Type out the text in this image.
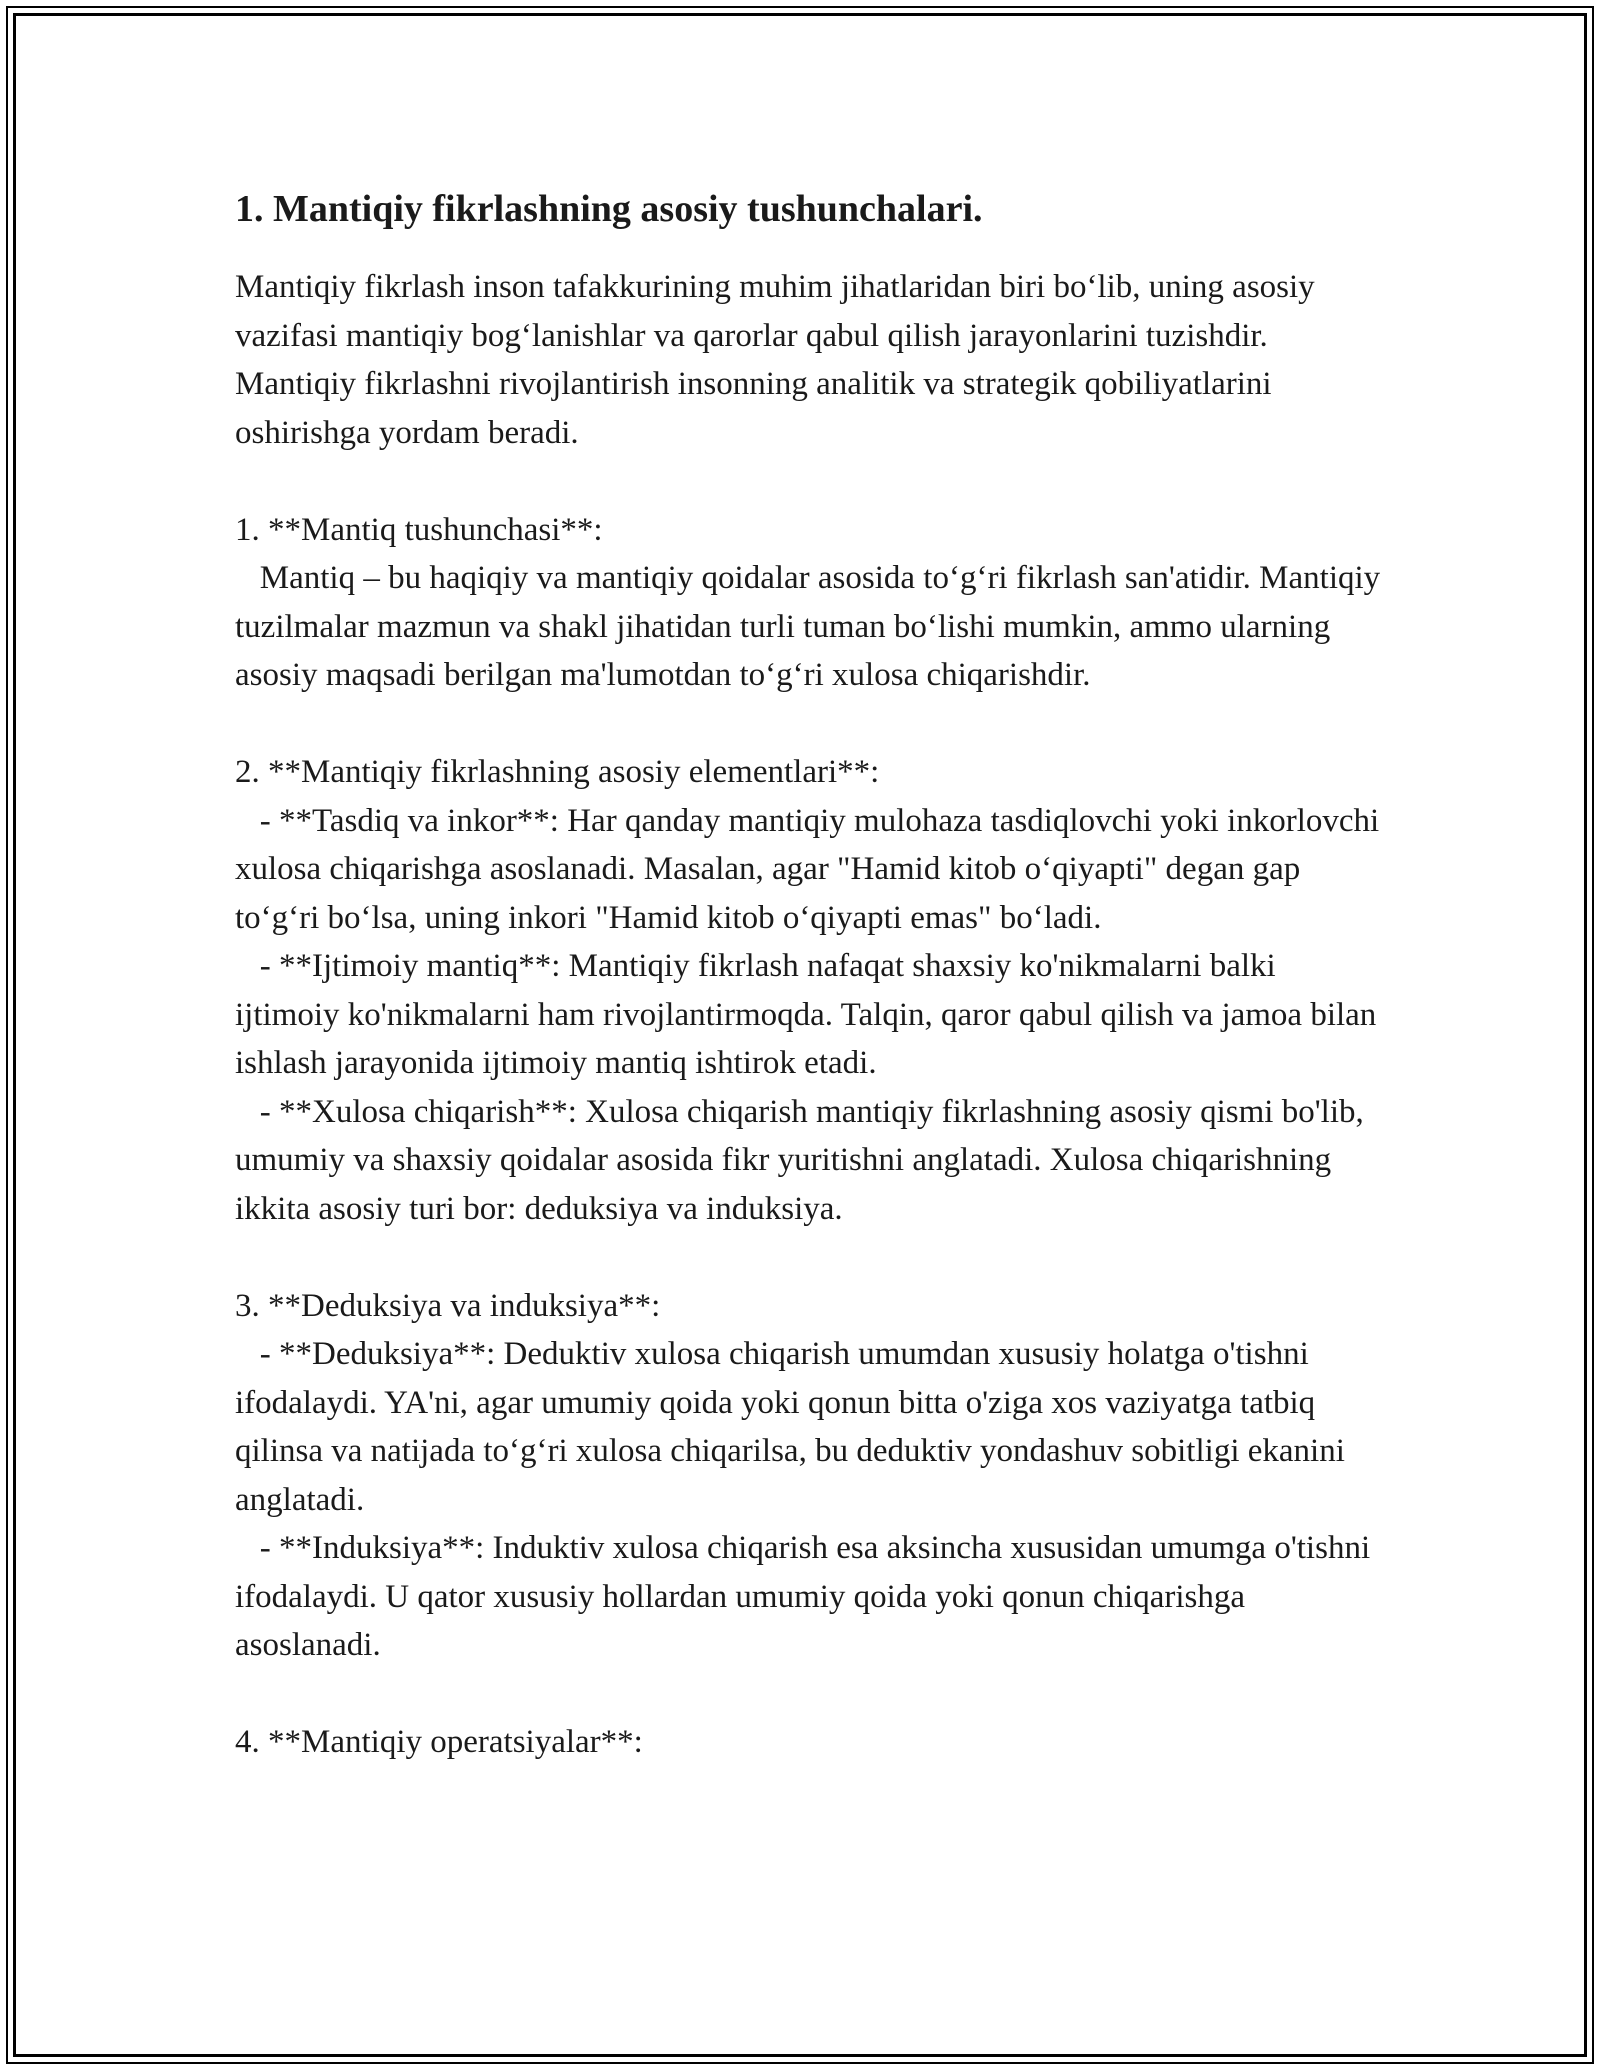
1. Mantiqiy fikrlashning asosiy tushunchalari.

Mantiqiy fikrlash inson tafakkurining muhim jihatlaridan biri bo‘lib, uning asosiy vazifasi mantiqiy bog‘lanishlar va qarorlar qabul qilish jarayonlarini tuzishdir. Mantiqiy fikrlashni rivojlantirish insonning analitik va strategik qobiliyatlarini oshirishga yordam beradi.

1. **Mantiq tushunchasi**:

Mantiq – bu haqiqiy va mantiqiy qoidalar asosida to‘g‘ri fikrlash san'atidir. Mantiqiy tuzilmalar mazmun va shakl jihatidan turli tuman bo‘lishi mumkin, ammo ularning asosiy maqsadi berilgan ma'lumotdan to‘g‘ri xulosa chiqarishdir.

2. **Mantiqiy fikrlashning asosiy elementlari**:

- **Tasdiq va inkor**: Har qanday mantiqiy mulohaza tasdiqlovchi yoki inkorlovchi xulosa chiqarishga asoslanadi. Masalan, agar "Hamid kitob o‘qiyapti" degan gap to‘g‘ri bo‘lsa, uning inkori "Hamid kitob o‘qiyapti emas" bo‘ladi.

- **Ijtimoiy mantiq**: Mantiqiy fikrlash nafaqat shaxsiy ko'nikmalarni balki ijtimoiy ko'nikmalarni ham rivojlantirmoqda. Talqin, qaror qabul qilish va jamoa bilan ishlash jarayonida ijtimoiy mantiq ishtirok etadi.

- **Xulosa chiqarish**: Xulosa chiqarish mantiqiy fikrlashning asosiy qismi bo'lib, umumiy va shaxsiy qoidalar asosida fikr yuritishni anglatadi. Xulosa chiqarishning ikkita asosiy turi bor: deduksiya va induksiya.

3. **Deduksiya va induksiya**:

- **Deduksiya**: Deduktiv xulosa chiqarish umumdan xususiy holatga o'tishni ifodalaydi. YA'ni, agar umumiy qoida yoki qonun bitta o'ziga xos vaziyatga tatbiq qilinsa va natijada to‘g‘ri xulosa chiqarilsa, bu deduktiv yondashuv sobitligi ekanini anglatadi.

- **Induksiya**: Induktiv xulosa chiqarish esa aksincha xususidan umumga o'tishni ifodalaydi. U qator xususiy hollardan umumiy qoida yoki qonun chiqarishga asoslanadi.

4. **Mantiqiy operatsiyalar**:
